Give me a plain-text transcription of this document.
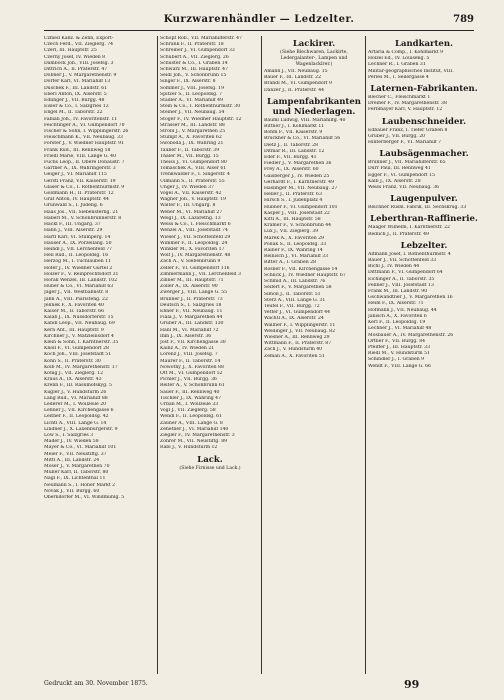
Kurzwarenhändler — Ledzelter.	789

Czmed Kanz. & Zenn, Export-

Czech Ferd., VII. Zieglerg. 74

Czerl, III. Hauptstr. 25

Czerny Josef, IV. Wieden 8

Damböck Joh., VIII. Josefsg. 3

Dittrich A., II. Praterstr. 47

Dobner J., V. Margarethenstr. 9

Dorfer Karl, VI. Mariahilf 13

Duschek F., III. Landstr. 61

Eberl Anton, IX. Alserstr. 5

Edlinger J., VII. Burgg. 48

Eisler & Co., I. Salzgries 12

Engel M., II. Taborstr. 22

Fabian Joh., IV. Favoritenstr. 11

Feichtinger A., VI. Gumpendorf 70

Fischer & Sohn, I. Wipplingerstr. 26

Fleischmann K., VII. Neubaug. 33

Forster J., V. Wiedner Hauptstr. 91

Frank Rud., III. Rennweg 18

Friedl Marie, VIII. Lange G. 40

Fuchs Leop., II. Obere Donaustr. 7

Gärtner A., IX. Währingerstr. 3

Geiger J., VI. Mariahilf 115

Gerstl Franz, VII. Kaiserstr. 19

Glaser & Co., I. Rothenthurmstr. 9

Goldmann H., II. Praterstr. 12

Graf Anton, IV. Hauptstr. 44

Grünwald S., I. Judeng. 6

Haas Jos., VII. Siebensterng. 21

Haberl M., V. Schönbrunnerstr. 8

Hackl F., III. Ungarg. 37

Hahn J., VIII. Alserstr. 29

Hartl Karl, VI. Stumperg. 14

Hauser A., IX. Porzellang. 50

Heindl J., VII. Lerchenfeld 77

Hell Rud., II. Leopoldsg. 16

Herzog M., I. Tuchlauben 11

Hofer J., IV. Wiedner Gürtel 2

Holzer F., V. Reinprechtsdorf 31

Horak Wenzel, III. Landstr. 102

Huber & Co., VI. Mariahilf 63

Jäger J., VII. Westbahnstr. 8

Jahn A., VIII. Piaristeng. 22

Jelinek F., X. Favoriten 40

Kaiser M., II. Taborstr. 66

Kalab J., IX. Nussdorferstr. 15

Kandl Leop., VII. Neubaug. 69

Kern Ant., III. Hauptstr. 9

Kirchner J., V. Matzleinsdorf 4

Klein & Sohn, I. Kärntnerstr. 35

Knoll F., VI. Gumpendorf 28

Koch Joh., VIII. Josefstadt 51

Kohn S., II. Praterstr. 30

Kolb M., IV. Margarethenstr. 17

König J., VII. Zieglerg. 12

Kraus A., IX. Alserstr. 43

Krenn F., III. Rasumofskyg. 5

Kugler J., V. Hundsturm 26

Lang Rud., VI. Mariahilf 88

Lederer M., I. Wollzeile 20

Lehner J., VII. Kirchengasse 6

Leitner F., II. Leopoldsg. 42

Lichtl A., VIII. Lange G. 14

Lindner J., X. Laxenburgerstr. 9

Löw S., I. Salzgries 3

Mader J., IV. Wieden 58

Mayer & Co., VI. Mariahilf 101

Meier F., VII. Neustiftg. 37

Mittl A., III. Landstr. 24

Moser J., V. Margarethen 70

Müller Karl, II. Taborstr. 80

Nagl F., IX. Lichtenthal 11

Neumann S., I. Hoher Markt 2

Novak J., VII. Burgg. 60

Oberndorfer M., VI. Windmühlg. 5

Schöpf Rob., VII. Mariahilferstr. 47

Schrank F., II. Praterstr. 18

Schreiber J., VI. Gumpendorf 33

Schubert A., VII. Zieglerg. 26

Schuster & Co., I. Graben 14

Schwarz M., III. Hauptstr. 47

Seidl Joh., V. Schönbrunn 15

Singer F., IX. Alserstr. 8

Sommer J., VIII. Josefsg. 19

Spitzer S., II. Leopoldsg. 7

Stadler A., VI. Mariahilf 49

Stein & Co., I. Rothenthurmstr. 30

Steiner J., VII. Neubaug. 54

Stöger F., IV. Wiedner Hauptstr. 12

Strasser M., III. Landstr. 88

Strobl J., V. Margarethen 25

Stumpf A., X. Favoriten 62

Swoboda J., IX. Währing 21

Tauber F., II. Taborstr. 39

Thaler M., VII. Burgg. 15

Theiss J., VI. Gumpendorf 80

Tomaschek A., VIII. Alser 61

Trenkwalder F., I. Singerstr. 4

Ullmann S., II. Praterstr. 55

Unger J., IV. Wieden 37

Vogel A., VII. Kaiserstr. 42

Wagner Joh., V. Hauptstr. 19

Walter F., III. Ungarg. 8

Weber M., VI. Mariahilf 27

Weigl J., IX. Lazarethg. 13

Weiss & Co., I. Fleischmarkt 6

Wenzel A., VIII. Josefstadt 74

Wieser J., VII. Schottenfeld 29

Wimmer F., II. Leopoldsg. 24

Winkler M., X. Favoriten 17

Wolf J., IV. Margarethenstr. 48

Zach A., V. Siebenbrunn 9

Zeller F., VI. Gumpendorf 116

Zimmermann J., VII. Lerchenfeld 3

Zinner M., III. Hauptstr. 71

Zoller A., IX. Alserstr. 90

Zwerger J., VIII. Lange G. 55

Brunner J., II. Praterstr. 73

Deutsch S., I. Salzgries 18

Ebner F., VII. Neubaug. 11

Fiala J., V. Margarethen 44

Gruber A., III. Landstr. 130

Hanl M., VI. Mariahilf 72

Ihm J., IX. Alserstr. 36

Jost F., VII. Kirchengasse 30

Kainz A., IV. Wieden 21

Lorenz J., VIII. Josefsg. 7

Maurer F., II. Taborstr. 14

Nowotny J., X. Favoriten 88

Ott M., VI. Gumpendorf 52

Pichler J., VII. Burgg. 36

Reiter A., V. Schönbrunn 61

Sauer F., III. Rennweg 40

Tischler J., IX. Währing 47

Urban M., I. Wollzeile 33

Vogl J., VII. Zieglerg. 58

Wendl F., II. Leopoldsg. 61

Zauner A., VIII. Lange G. 8

Zehetner J., VI. Mariahilf 140

Ziegler F., IV. Margarethenstr. 3

Zöhrer M., VII. Neustiftg. 89

Rabl J., V. Hundsturm 12

Lack.
(Siehe Firnisse und Lack.)
Lackirer.
(Siehe Blechwaren, Lackirte, Ledergalanter-, Lampen und Wagenlackirer.)

Amann J., VII. Neubaug. 15

Bauer F., III. Landstr. 22

Brandl M., VI. Gumpendorf 9

Danzer J., II. Praterstr. 44

Lampenfabrikanten und Niederlagen.

Bäuml Ludwig, VIII. Mariahilfg. 40

Bittner J., I. Kohlmarkt 11

Böhm F., VII. Kaiserstr. 9

Brückner & Co., VI. Mariahilf 56

Dietz J., II. Taborstr. 28

Ditmar R., III. Landstr. 12

Eder F., VII. Burgg. 41

Fiedler J., V. Margarethen 36

Frey A., IX. Alserstr. 60

Gaisberger J., IV. Wieden 25

Gerhardt F., I. Kärntnerstr. 49

Haslinger M., VII. Neubaug. 27

Heller J., II. Praterstr. 63

Hirsch S., I. Judenplatz 4

Hübner F., VI. Gumpendorf 101

Kasper J., VIII. Josefstadt 22

Kittl A., III. Hauptstr. 58

Kramer F., V. Schönbrunn 44

Lux J., VII. Zieglerg. 39

Marek A., X. Favoriten 29

Pollak S., II. Leopoldsg. 33

Rainer F., IX. Währing 14

Reinisch J., VI. Mariahilf 33

Ritter A., I. Graben 28

Rosner F., VII. Kirchengasse 14

Schlick J., IV. Wiedner Hauptstr. 67

Schmid A., III. Landstr. 76

Seifert F., V. Margarethen 58

Simon J., II. Taborstr. 51

Sterz A., VIII. Lange G. 31

Teufel F., VII. Burgg. 72

Vetter J., VI. Gumpendorf 44

Wachtl A., IX. Alserstr. 24

Wallner F., I. Wipplingerstr. 11

Weidinger J., VII. Neubaug. 82

Wiesner A., III. Rennweg 29

Wittmann F., II. Praterstr. 87

Zach J., V. Hundsturm 40

Zeman A., X. Favoriten 51

Landkarten.

Artaria & Comp., I. Kohlmarkt 9

Hölzel Ed., IV. Louiseng. 5

Lechner R., I. Graben 31

Militär-geographisches Institut, VIII.

Perles M., I. Seilergasse 4

Laternen-Fabrikanten.

Blecher C., Fleischmarkt 1

Dreiher F., IV. Margarethenstr. 38

Ferbmayer Karl, V. Hauptstr. 12

Laubenschneider.

Edbauer Franz, I. Tiefer Graben 8

Gruber J., VII. Burgg. 20

Hinterberger F., VI. Mariahilf 7

Laubsägenmacher.

Brunner J., VII. Mariahilferstr. 65

Dürr Paul, III. Rennweg 41

Egger F., VI. Gumpendorf 15

Kalb J., IX. Alserstr. 28

Weiss Franz, VII. Neubaug. 36

Laugenpulver.

Reichner Rusm. Fabrik, III. Sechskrüg. 33

Leberthran-Raffinerie.

Maager Wilhelm, I. Kärntnerstr. 22

Redlich J., II. Praterstr. 49

Lebzelter.

Altmann Josef, I. Rothenthurmstr. 4

Bauer J., VII. Schottenfeld 33

Bichl J., IV. Wieden 44

Dittmann F., VI. Gumpendorf 64

Eichinger A., II. Taborstr. 35

Fellner J., VIII. Josefstadt 13

Frank M., III. Landstr. 90

Gschwandtner J., V. Margarethen 16

Heim F., IX. Alserstr. 71

Hofmann J., VII. Neubaug. 44

Janisch A., X. Favoriten 6

Kerl F., II. Leopoldsg. 19

Lechner J., VI. Mariahilf 48

Mosbauer A., IV. Margarethenstr. 26

Ortner F., VII. Burgg. 84

Pfeiffer J., III. Hauptstr. 33

Riedl M., V. Hundsturm 51

Schindler J., I. Graben 9

Wendt F., VIII. Lange G. 66

Gedruckt am 30. November 1875.	99
